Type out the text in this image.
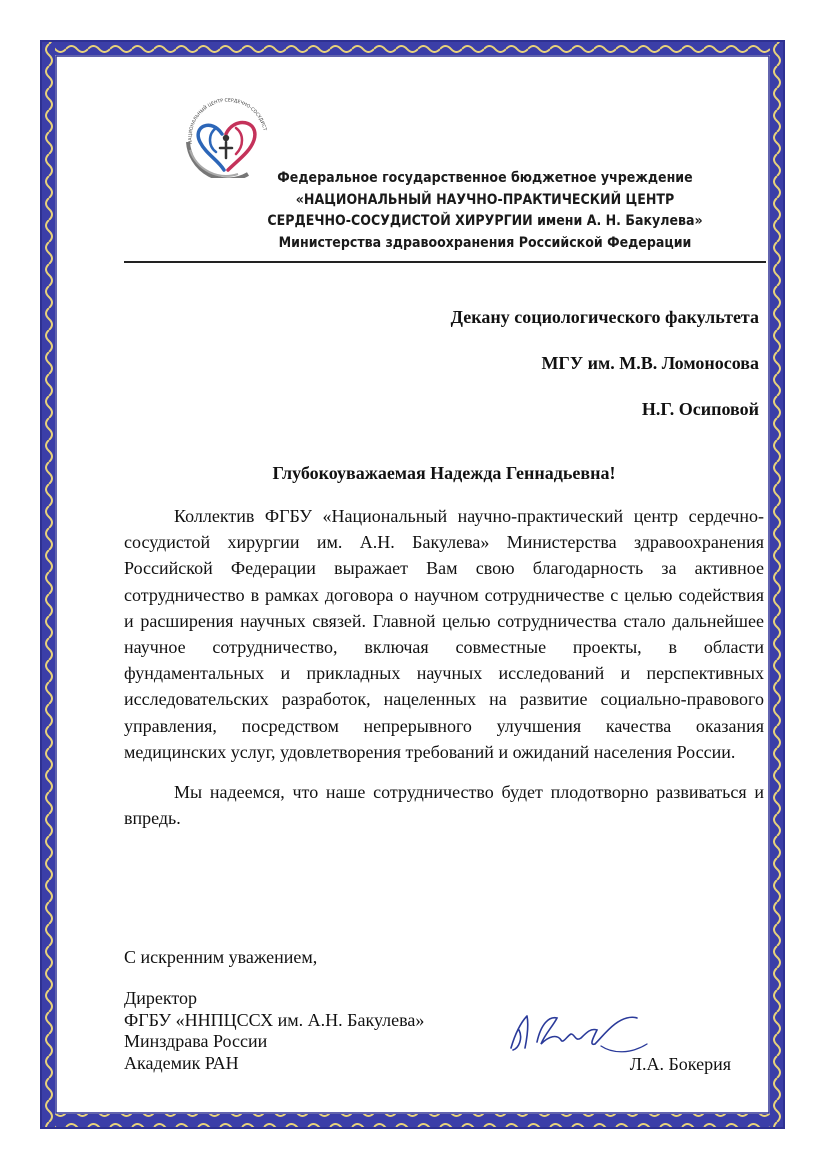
НАЦИОНАЛЬНЫЙ ЦЕНТР СЕРДЕЧНО-СОСУДИСТ
Федеральное государственное бюджетное учреждение
«НАЦИОНАЛЬНЫЙ НАУЧНО-ПРАКТИЧЕСКИЙ ЦЕНТР
СЕРДЕЧНО-СОСУДИСТОЙ ХИРУРГИИ имени А. Н. Бакулева»
Министерства здравоохранения Российской Федерации
Декану социологического факультета
МГУ им. М.В. Ломоносова
Н.Г. Осиповой
Глубокоуважаемая Надежда Геннадьевна!

Коллектив ФГБУ «Национальный научно-практический центр сердечно-сосудистой хирургии им. А.Н. Бакулева» Министерства здравоохранения Российской Федерации выражает Вам свою благодарность за активное сотрудничество в рамках договора о научном сотрудничестве с целью содействия и расширения научных связей. Главной целью сотрудничества стало дальнейшее научное сотрудничество, включая совместные проекты, в области фундаментальных и прикладных научных исследований и перспективных исследовательских разработок, нацеленных на развитие социально-правового управления, посредством непрерывного улучшения качества оказания медицинских услуг, удовлетворения требований и ожиданий населения России.

Мы надеемся, что наше сотрудничество будет плодотворно развиваться и впредь.

С искренним уважением,
Директор
ФГБУ «ННПЦССХ им. А.Н. Бакулева»
Минздрава России
Академик РАН	Л.А. Бокерия
